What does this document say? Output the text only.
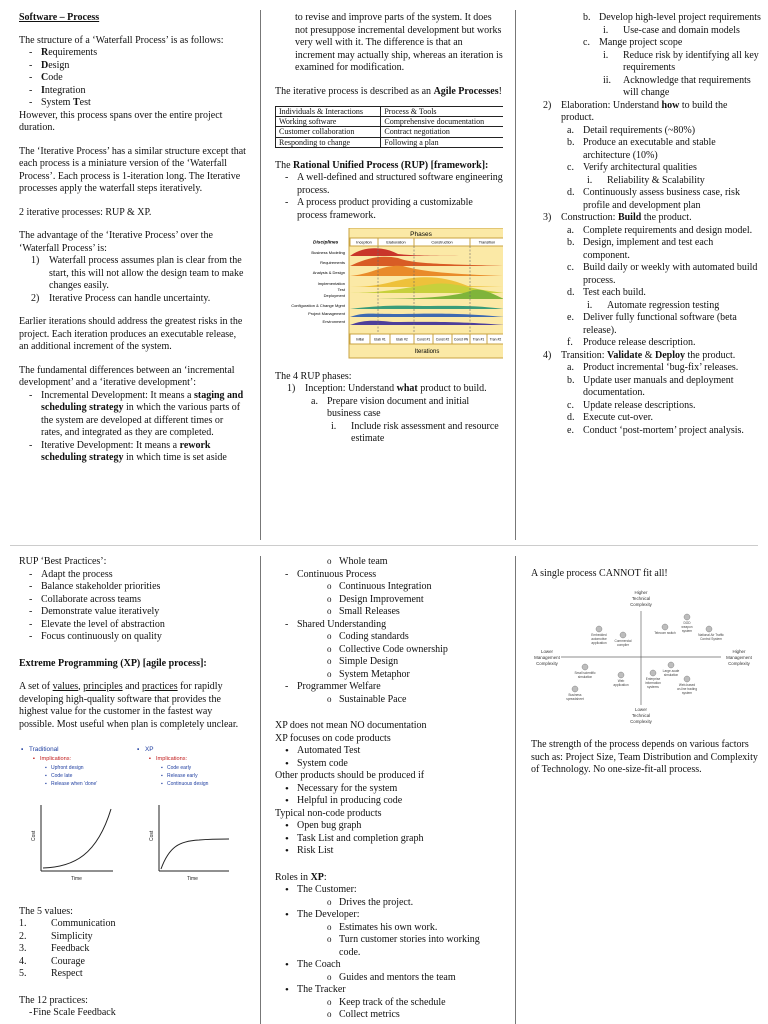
Software – Process
The structure of a ‘Waterfall Process’ is as follows:
- Requirements
- Design
- Code
- Integration
- System Test

However, this process spans over the entire project duration.

The ‘Iterative Process’ has a similar structure except that each process is a miniature version of the ‘Waterfall Process’. Each process is 1-iteration long. The Iterative processes apply the waterfall steps iteratively.

2 iterative processes: RUP & XP.

The advantage of the ‘Iterative Process’ over the ‘Waterfall Process’ is:
1) Waterfall process assumes plan is clear from the start, this will not allow the design team to make changes easily.
2) Iterative Process can handle uncertainty.

Earlier iterations should address the greatest risks in the project. Each iteration produces an executable release, an additional increment of the system.

The fundamental differences between an ‘incremental development’ and a ‘iterative development’:
- Incremental Development: It means a staging and scheduling strategy in which the various parts of the system are developed at different times or rates, and integrated as they are completed.
- Iterative Development: It means a rework scheduling strategy in which time is set aside
to revise and improve parts of the system. It does not presuppose incremental development but works very well with it. The difference is that an increment may actually ship, whereas an iteration is examined for modification.
The iterative process is described as an Agile Processes!
Individuals & Interactions	Process & Tools
Working software	Comprehensive documentation
Customer collaboration	Contract negotiation
Responding to change	Following a plan
The Rational Unified Process (RUP) [framework]:
- A well-defined and structured software engineering process.
- A process product providing a customizable process framework.
Phases
Inception	Elaboration	Construction	Transition
Disciplines
Business Modeling
Requirements
Analysis & Design
Implementation
Test
Deployment
Configuration & Change Mgmt
Project Management
Environment
Initial	Elab #1	Elab #2	Const #1 Const #2 Const #N Tran #1 Tran #2
Iterations
The 4 RUP phases:
1) Inception: Understand what product to build.
a. Prepare vision document and initial business case
i. Include risk assessment and resource estimate
b. Develop high-level project requirements
i. Use-case and domain models
c. Mange project scope
i. Reduce risk by identifying all key requirements
ii. Acknowledge that requirements will change
2) Elaboration: Understand how to build the product.
a. Detail requirements (~80%)
b. Produce an executable and stable architecture (10%)
c. Verify architectural qualities
i. Reliability & Scalability
d. Continuously assess business case, risk profile and development plan
3) Construction: Build the product.
a. Complete requirements and design model.
b. Design, implement and test each component.
c. Build daily or weekly with automated build process.
d. Test each build.
i. Automate regression testing
e. Deliver fully functional software (beta release).
f. Produce release description.
4) Transition: Validate & Deploy the product.
a. Product incremental ‘bug-fix’ releases.
b. Update user manuals and deployment documentation.
c. Update release descriptions.
d. Execute cut-over.
e. Conduct ‘post-mortem’ project analysis.
RUP ‘Best Practices’:
- Adapt the process
- Balance stakeholder priorities
- Collaborate across teams
- Demonstrate value iteratively
- Elevate the level of abstraction
- Focus continuously on quality

Extreme Programming (XP) [agile process]:

A set of values, principles and practices for rapidly developing high-quality software that provides the highest value for the customer in the fastest way possible. Most useful when plan is completely unclear.

▪ Traditional	▪ XP
▪ Implications:	▪ Implications:
▪ Upfront design
▪ Code late
▪ Release when ‘done’
▪ Code early
▪ Release early
▪ Continuous design
Cost	Cost
Time	Time
The 5 values:
1. Communication
2. Simplicity
3. Feedback
4. Courage
5. Respect
The 12 practices:
- Fine Scale Feedback
o Whole team
- Continuous Process
o Continuous Integration
o Design Improvement
o Small Releases
- Shared Understanding
o Coding standards
o Collective Code ownership
o Simple Design
o System Metaphor
- Programmer Welfare
o Sustainable Pace
XP does not mean NO documentation
XP focuses on code products
• Automated Test
• System code
Other products should be produced if
• Necessary for the system
• Helpful in producing code
Typical non-code products
• Open bug graph
• Task List and completion graph
• Risk List
Roles in XP:
• The Customer:
o Drives the project.
• The Developer:
o Estimates his own work.
o Turn customer stories into working code.
• The Coach
o Guides and mentors the team
• The Tracker
o Keep track of the schedule
o Collect metrics
A single process CANNOT fit all!
Higher
Technical
Complexity
Lower
Technical
Complexity
Lower
Management
Complexity
Higher
Management
Complexity
Embedded
automotive
application Commercial
compiler
Telecom switch
DOD
weapon
system
National Air Traffic
Control System
Small scientific
simulation
Web
application
Large-scale
simulation
Enterprise
information
systems	Web-based
on-line trading
system
Business
spreadsheet

The strength of the process depends on various factors such as: Project Size, Team Distribution and Complexity of Technology. No one-size-fit-all process.
